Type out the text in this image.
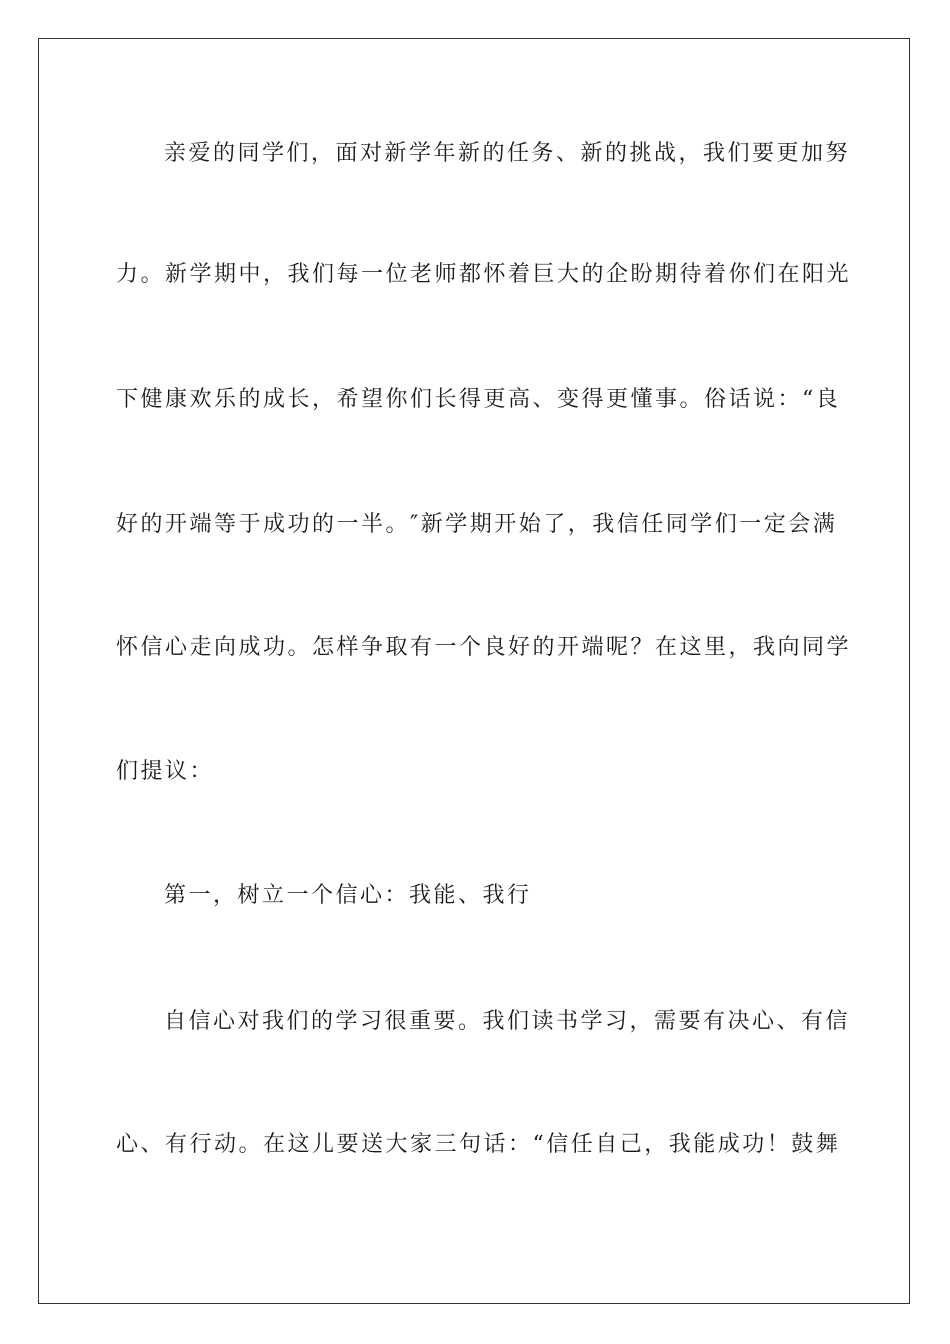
亲爱的同学们，面对新学年新的任务、新的挑战，我们要更加努
力。新学期中，我们每一位老师都怀着巨大的企盼期待着你们在阳光
下健康欢乐的成长，希望你们长得更高、变得更懂事。俗话说：“良
好的开端等于成功的一半。″新学期开始了，我信任同学们一定会满
怀信心走向成功。怎样争取有一个良好的开端呢？在这里，我向同学
们提议：
第一，树立一个信心：我能、我行
自信心对我们的学习很重要。我们读书学习，需要有决心、有信
心、有行动。在这儿要送大家三句话：“信任自己，我能成功！鼓舞
